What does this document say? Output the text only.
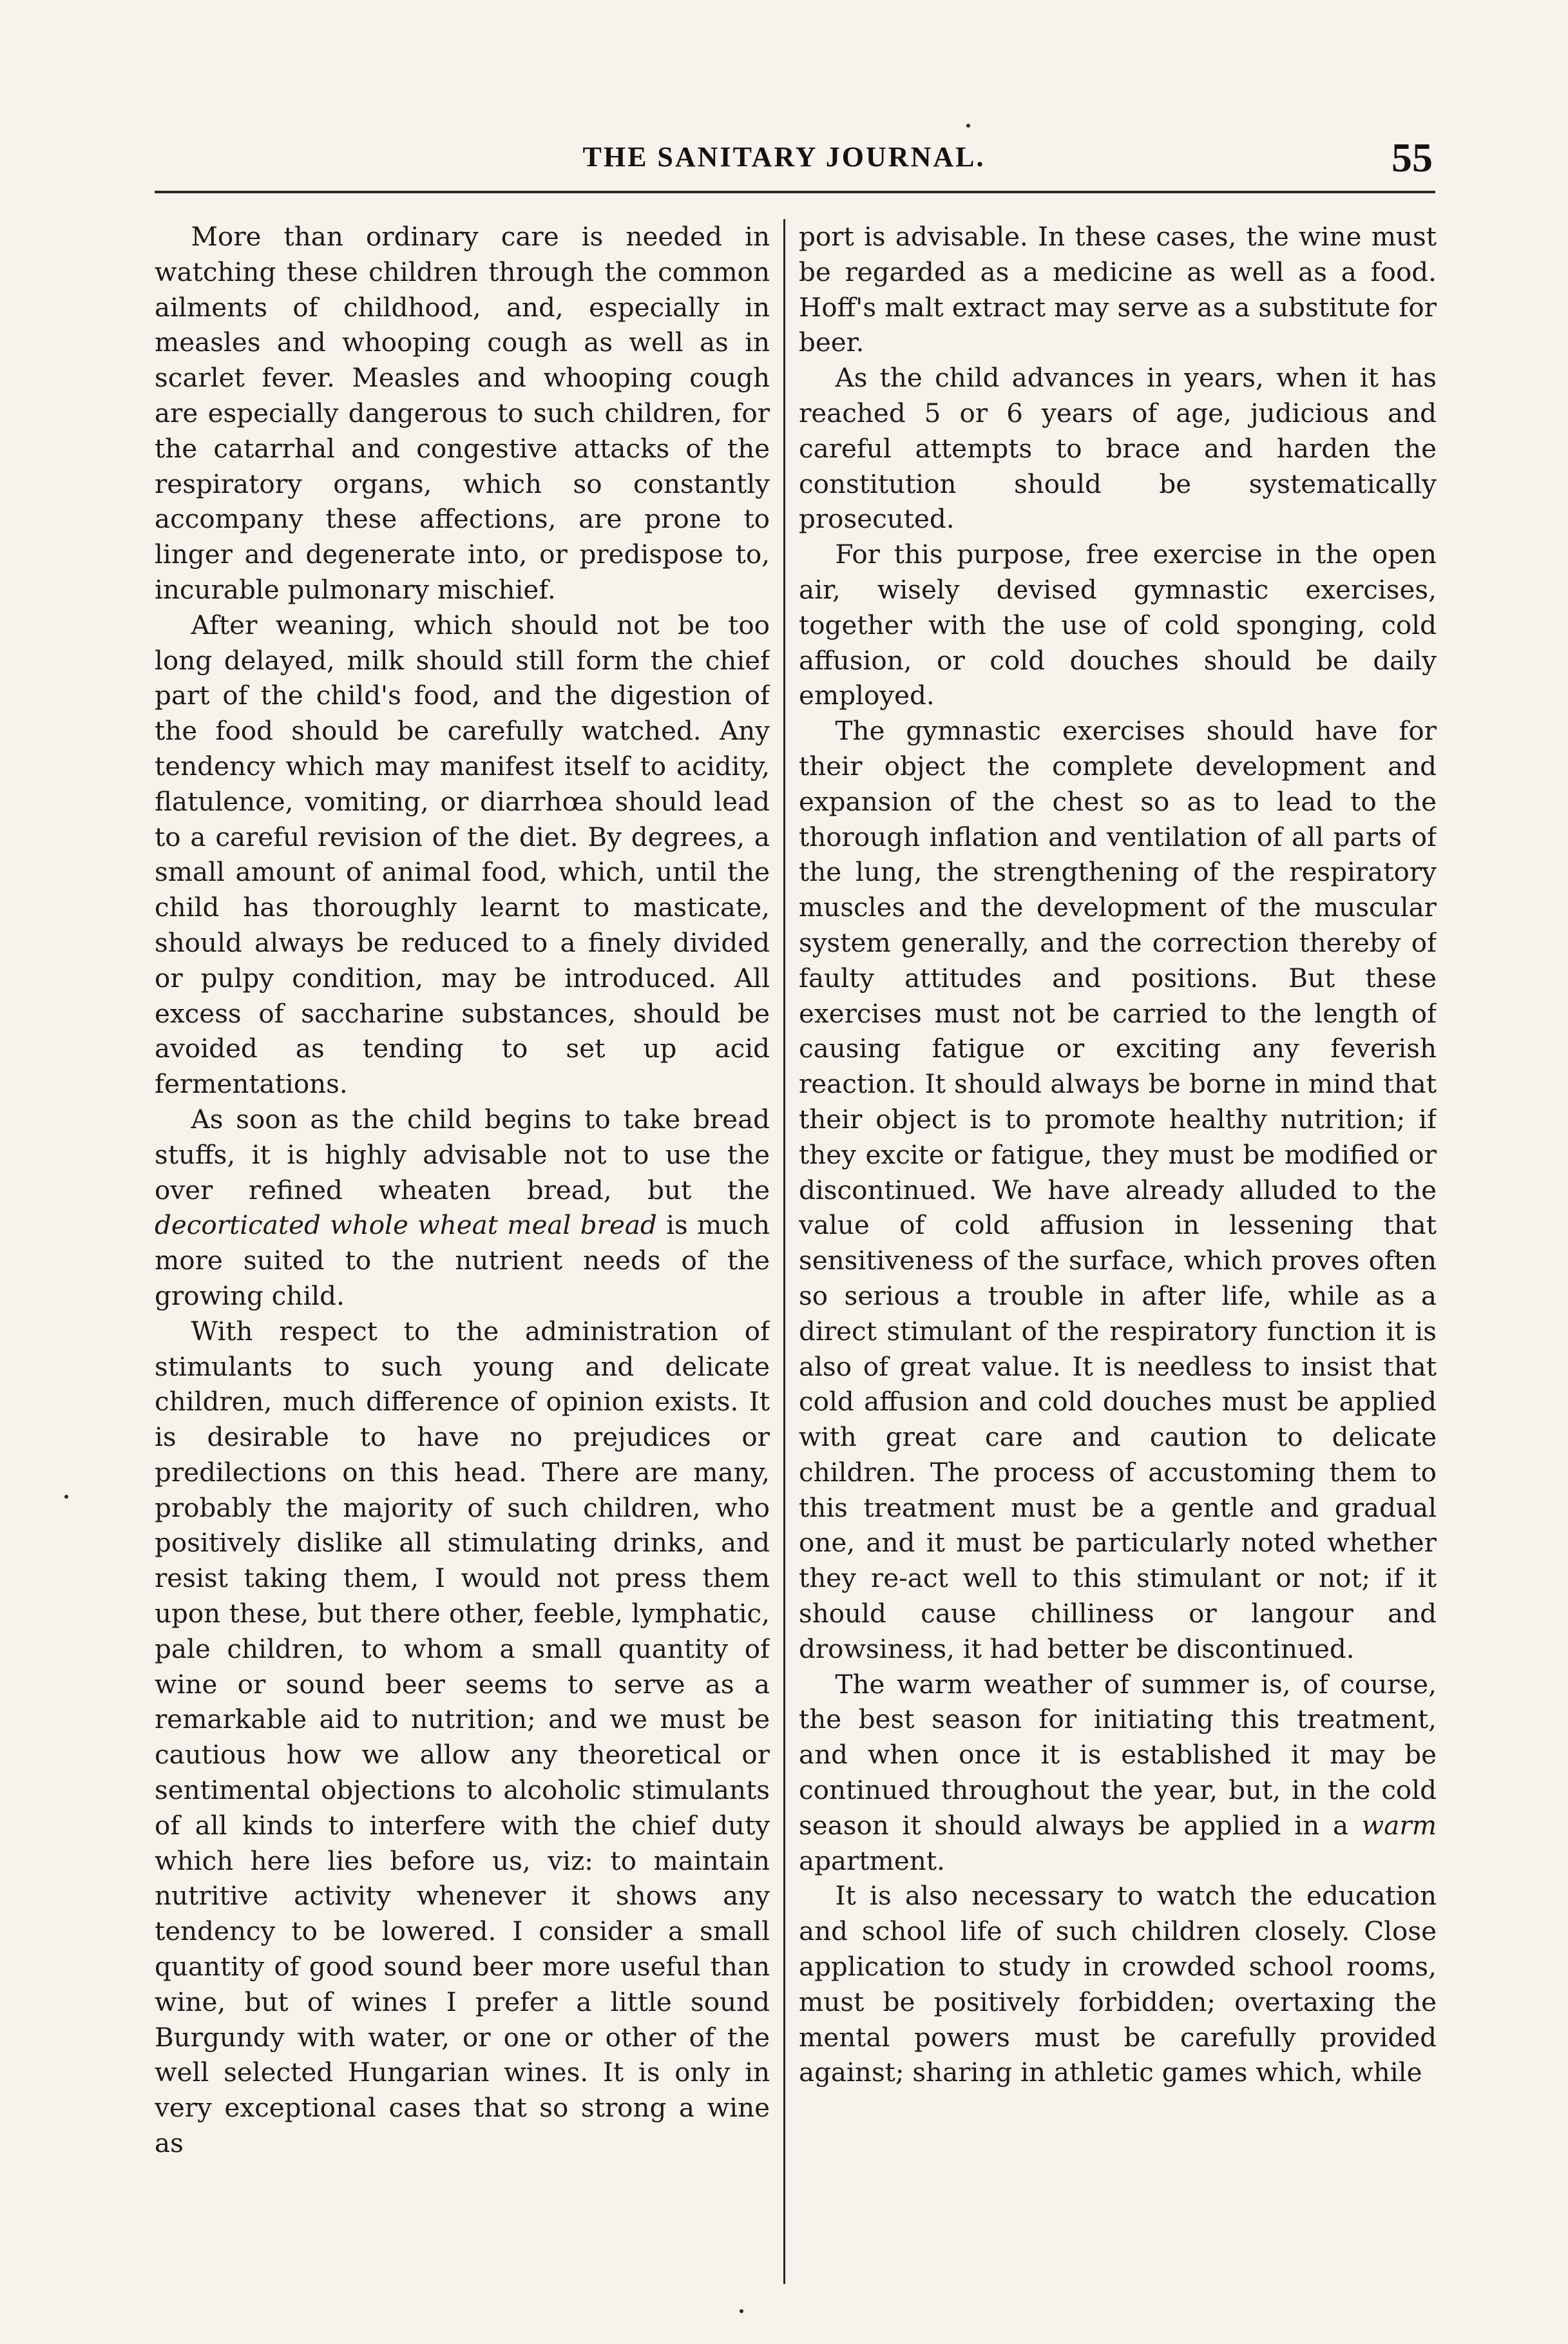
THE SANITARY JOURNAL.	55

More than ordinary care is needed in watching these children through the common ailments of childhood, and, especially in measles and whooping cough as well as in scarlet fever. Measles and whooping cough are especially dangerous to such children, for the catarrhal and congestive attacks of the respiratory organs, which so constantly accompany these affections, are prone to linger and degenerate into, or predispose to, incurable pulmonary mischief.

After weaning, which should not be too long delayed, milk should still form the chief part of the child's food, and the digestion of the food should be carefully watched. Any tendency which may manifest itself to acidity, flatulence, vomiting, or diarrhœa should lead to a careful revision of the diet. By degrees, a small amount of animal food, which, until the child has thoroughly learnt to masticate, should always be reduced to a finely divided or pulpy condition, may be introduced. All excess of saccharine substances, should be avoided as tending to set up acid fermentations.

As soon as the child begins to take bread stuffs, it is highly advisable not to use the over refined wheaten bread, but the decorticated whole wheat meal bread is much more suited to the nutrient needs of the growing child.

With respect to the administration of stimulants to such young and delicate children, much difference of opinion exists. It is desirable to have no prejudices or predilections on this head. There are many, probably the majority of such children, who positively dislike all stimulating drinks, and resist taking them, I would not press them upon these, but there other, feeble, lymphatic, pale children, to whom a small quantity of wine or sound beer seems to serve as a remarkable aid to nutrition; and we must be cautious how we allow any theoretical or sentimental objections to alcoholic stimulants of all kinds to interfere with the chief duty which here lies before us, viz: to maintain nutritive activity whenever it shows any tendency to be lowered. I consider a small quantity of good sound beer more useful than wine, but of wines I prefer a little sound Burgundy with water, or one or other of the well selected Hungarian wines. It is only in very exceptional cases that so strong a wine as

port is advisable. In these cases, the wine must be regarded as a medicine as well as a food. Hoff's malt extract may serve as a substitute for beer.

As the child advances in years, when it has reached 5 or 6 years of age, judicious and careful attempts to brace and harden the constitution should be systematically prosecuted.

For this purpose, free exercise in the open air, wisely devised gymnastic exercises, together with the use of cold sponging, cold affusion, or cold douches should be daily employed.

The gymnastic exercises should have for their object the complete development and expansion of the chest so as to lead to the thorough inflation and ventilation of all parts of the lung, the strengthening of the respiratory muscles and the development of the muscular system generally, and the correction thereby of faulty attitudes and positions. But these exercises must not be carried to the length of causing fatigue or exciting any feverish reaction. It should always be borne in mind that their object is to promote healthy nutrition; if they excite or fatigue, they must be modified or discontinued. We have already alluded to the value of cold affusion in lessening that sensitiveness of the surface, which proves often so serious a trouble in after life, while as a direct stimulant of the respiratory function it is also of great value. It is needless to insist that cold affusion and cold douches must be applied with great care and caution to delicate children. The process of accustoming them to this treatment must be a gentle and gradual one, and it must be particularly noted whether they re-act well to this stimulant or not; if it should cause chilliness or langour and drowsiness, it had better be discontinued.

The warm weather of summer is, of course, the best season for initiating this treatment, and when once it is established it may be continued throughout the year, but, in the cold season it should always be applied in a warm apartment.

It is also necessary to watch the education and school life of such children closely. Close application to study in crowded school rooms, must be positively forbidden; overtaxing the mental powers must be carefully provided against; sharing in athletic games which, while
